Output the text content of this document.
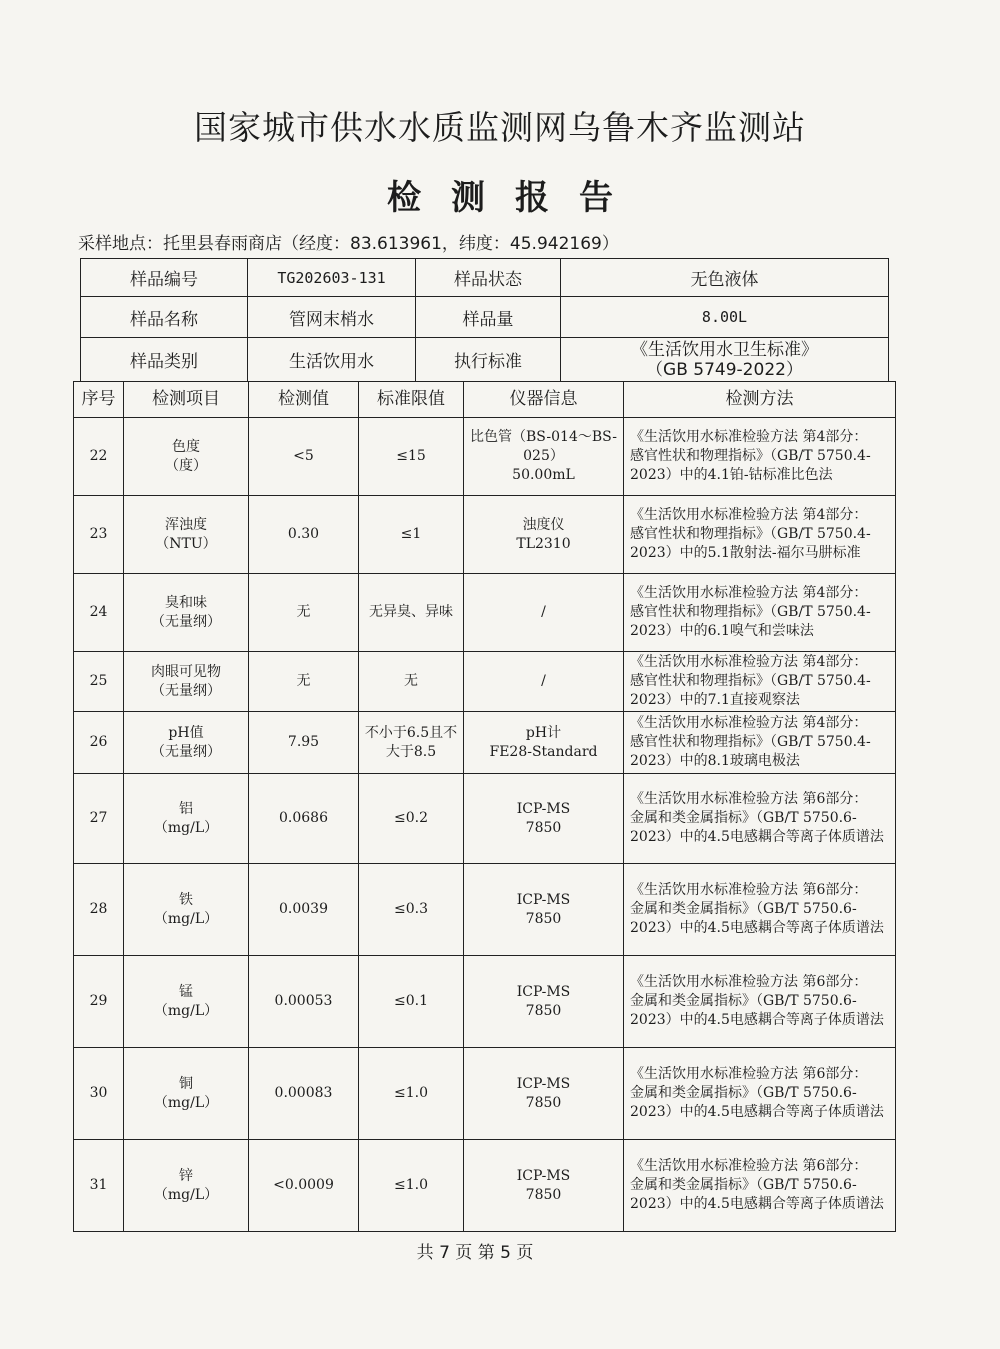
国家城市供水水质监测网乌鲁木齐监测站
检测报告
采样地点：托里县春雨商店（经度：83.613961，纬度：45.942169）
样品编号	TG202603-131	样品状态	无色液体
样品名称	管网末梢水	样品量	8.00L
样品类别	生活饮用水	执行标准	《生活饮用水卫生标准》
（GB 5749-2022）
序号	检测项目	检测值	标准限值	仪器信息	检测方法
22	色度
（度）	<5	≤15	比色管（BS-014～BS-
025）
50.00mL	《生活饮用水标准检验方法 第4部分：
感官性状和物理指标》（GB/T 5750.4-
2023）中的4.1铂-钴标准比色法

23	浑浊度
（NTU）	0.30	≤1	浊度仪
TL2310	《生活饮用水标准检验方法 第4部分：
感官性状和物理指标》（GB/T 5750.4-
2023）中的5.1散射法-福尔马肼标准

24	臭和味
（无量纲）	无	无异臭、异味	/	《生活饮用水标准检验方法 第4部分：
感官性状和物理指标》（GB/T 5750.4-
2023）中的6.1嗅气和尝味法

25	肉眼可见物
（无量纲）	无	无	/	《生活饮用水标准检验方法 第4部分：
感官性状和物理指标》（GB/T 5750.4-
2023）中的7.1直接观察法

26	pH值
（无量纲）	7.95	不小于6.5且不
大于8.5	pH计
FE28-Standard	《生活饮用水标准检验方法 第4部分：
感官性状和物理指标》（GB/T 5750.4-
2023）中的8.1玻璃电极法

27	铝
（mg/L）	0.0686	≤0.2	ICP-MS
7850	《生活饮用水标准检验方法 第6部分：
金属和类金属指标》（GB/T 5750.6-
2023）中的4.5电感耦合等离子体质谱法

28	铁
（mg/L）	0.0039	≤0.3	ICP-MS
7850	《生活饮用水标准检验方法 第6部分：
金属和类金属指标》（GB/T 5750.6-
2023）中的4.5电感耦合等离子体质谱法

29	锰
（mg/L）	0.00053	≤0.1	ICP-MS
7850	《生活饮用水标准检验方法 第6部分：
金属和类金属指标》（GB/T 5750.6-
2023）中的4.5电感耦合等离子体质谱法

30	铜
（mg/L）	0.00083	≤1.0	ICP-MS
7850	《生活饮用水标准检验方法 第6部分：
金属和类金属指标》（GB/T 5750.6-
2023）中的4.5电感耦合等离子体质谱法

31	锌
（mg/L）	<0.0009	≤1.0	ICP-MS
7850	《生活饮用水标准检验方法 第6部分：
金属和类金属指标》（GB/T 5750.6-
2023）中的4.5电感耦合等离子体质谱法
共 7 页 第 5 页
